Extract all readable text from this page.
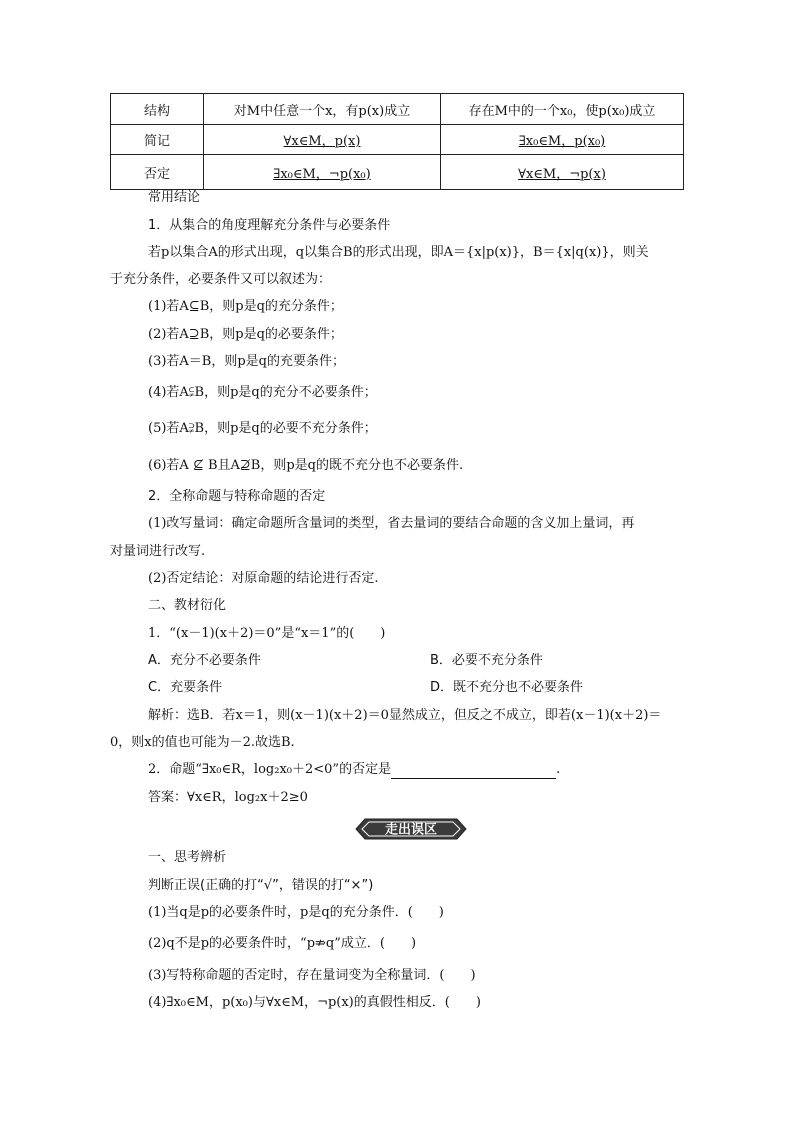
结构	对M中任意一个x，有p(x)成立	存在M中的一个x₀，使p(x₀)成立
简记	∀x∈M，p(x)	∃x₀∈M，p(x₀)
否定	∃x₀∈M，¬p(x₀)	∀x∈M，¬p(x)
常用结论
1．从集合的角度理解充分条件与必要条件
若p以集合A的形式出现，q以集合B的形式出现，即A＝{x|p(x)}，B＝{x|q(x)}，则关
于充分条件，必要条件又可以叙述为：
(1)若A⊆B，则p是q的充分条件；
(2)若A⊇B，则p是q的必要条件；
(3)若A＝B，则p是q的充要条件；
(4)若A⫋B，则p是q的充分不必要条件；
(5)若A⫌B，则p是q的必要不充分条件；
(6)若A ⊈ B且A⊉B，则p是q的既不充分也不必要条件.
2．全称命题与特称命题的否定
(1)改写量词：确定命题所含量词的类型，省去量词的要结合命题的含义加上量词，再
对量词进行改写.
(2)否定结论：对原命题的结论进行否定.
二、教材衍化
1．“(x－1)(x＋2)＝0”是“x＝1”的(　　)
A．充分不必要条件	B．必要不充分条件
C．充要条件	D．既不充分也不必要条件
解析：选B．若x＝1，则(x－1)(x＋2)＝0显然成立，但反之不成立，即若(x－1)(x＋2)＝
0，则x的值也可能为－2.故选B.
2．命题“∃x₀∈R，log₂x₀＋2<0”的否定是	.
答案：∀x∈R，log₂x＋2≥0
走出误区
一、思考辨析
判断正误(正确的打“√”，错误的打“×”)
(1)当q是p的必要条件时，p是q的充分条件．(　　)
(2)q不是p的必要条件时，“p⇏q”成立．(　　)
(3)写特称命题的否定时，存在量词变为全称量词．(　　)
(4)∃x₀∈M，p(x₀)与∀x∈M，¬p(x)的真假性相反．(　　)
